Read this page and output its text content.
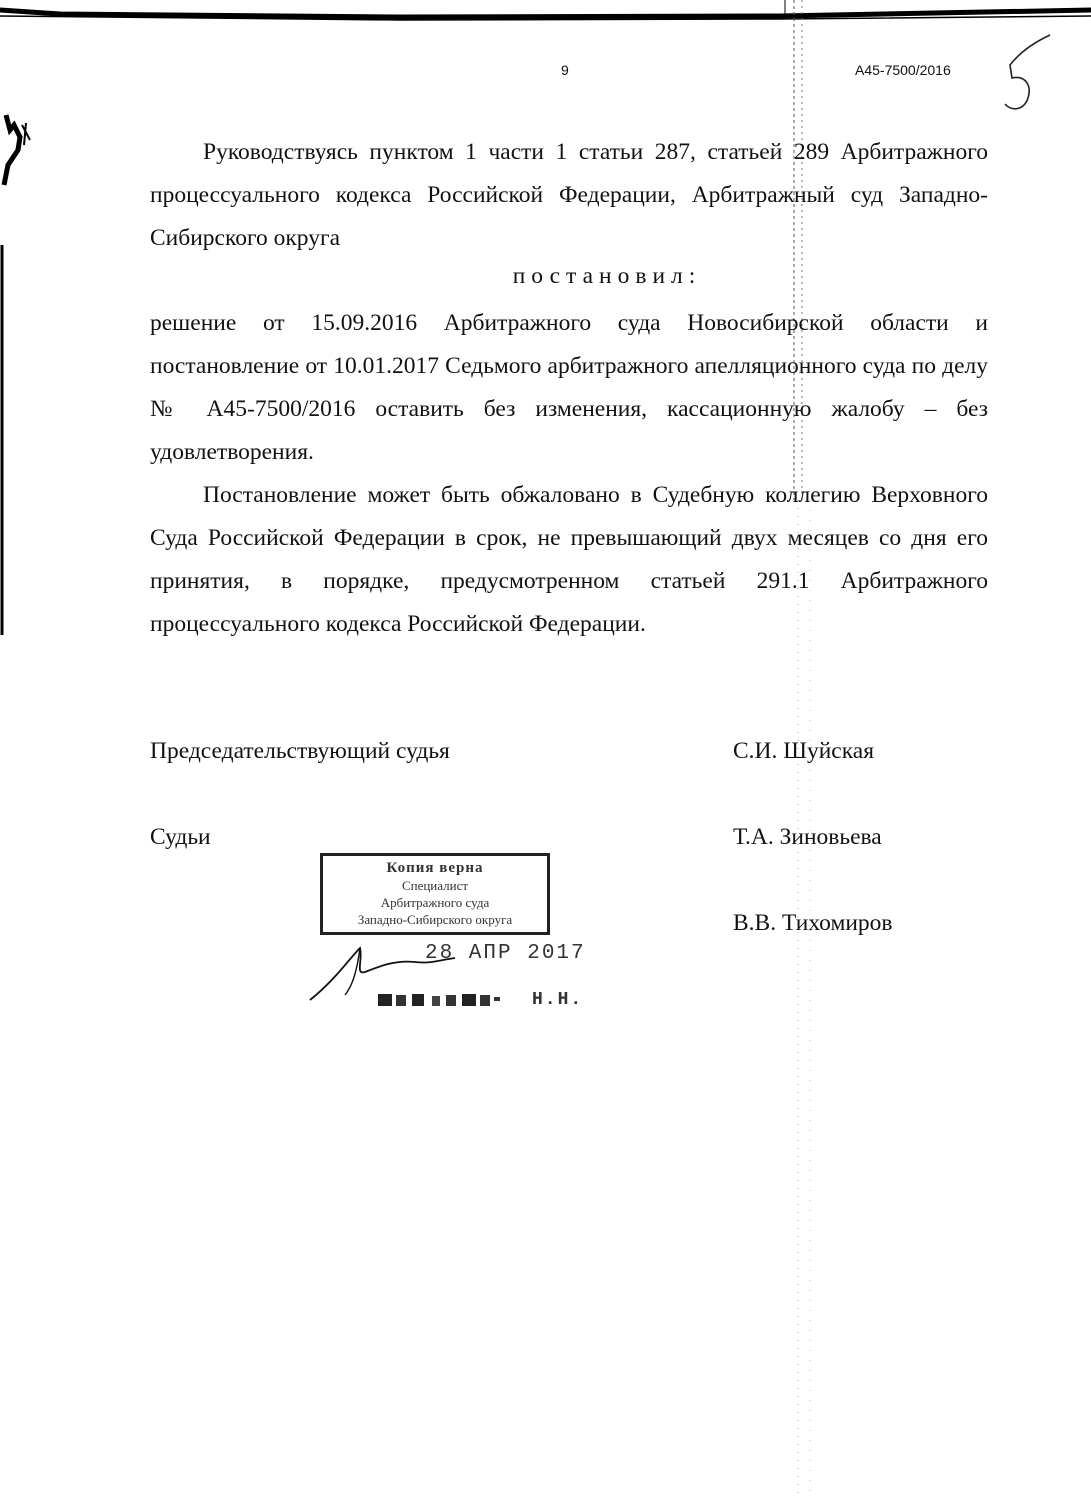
9	А45-7500/2016

Руководствуясь пунктом 1 части 1 статьи 287, статьей 289 Арбитражного процессуального кодекса Российской Федерации, Арбитражный суд Западно-Сибирского округа

постановил:

решение от 15.09.2016 Арбитражного суда Новосибирской области и постановление от 10.01.2017 Седьмого арбитражного апелляционного суда по делу № А45-7500/2016 оставить без изменения, кассационную жалобу – без удовлетворения.

Постановление может быть обжаловано в Судебную коллегию Верховного Суда Российской Федерации в срок, не превышающий двух месяцев со дня его принятия, в порядке, предусмотренном статьей 291.1 Арбитражного процессуального кодекса Российской Федерации.

Председательствующий судья	С.И. Шуйская
Судьи	Т.А. Зиновьева
В.В. Тихомиров
Копия верна
Специалист
Арбитражного суда
Западно-Сибирского округа
28 АПР 2017
Н.Н.
